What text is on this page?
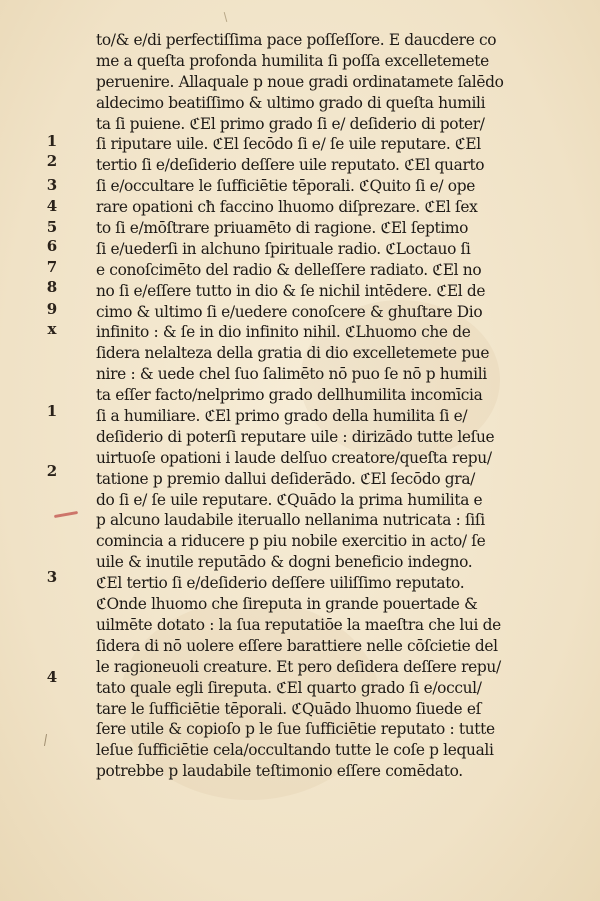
1
2
3
4
5
6
7
8
9
x
1
2
3
4
to/& e/di perfectiſſima pace poſſeſſore. E daucdere co
me a queſta profonda humilita ſi poſſa excelletemete
peruenire. Allaquale p noue gradi ordinatamete ſalēdo
aldecimo beatiſſimo & ultimo grado di queſta humili
ta ſi puiene. ℭEl primo grado ſi e/ deſiderio di poter/
ſi riputare uile. ℭEl ſecōdo ſi e/ ſe uile reputare. ℭEl
tertio ſi e/deſiderio deſſere uile reputato. ℭEl quarto
ſi e/occultare le ſufficiētie tēporali. ℭQuito ſi e/ ope
rare opationi cħ faccino lhuomo diſprezare. ℭEl ſex
to ſi e/mōſtrare priuamēto di ragione. ℭEl ſeptimo
ſi e/uederſi in alchuno ſpirituale radio. ℭLoctauo ſi
e conoſcimēto del radio & delleſſere radiato. ℭEl no
no ſi e/eſſere tutto in dio & ſe nichil intēdere. ℭEl de
cimo & ultimo ſi e/uedere conoſcere & ghuſtare Dio
infinito : & ſe in dio infinito nihil. ℭLhuomo che de
ſidera nelalteza della gratia di dio excelletemete pue
nire : & uede chel ſuo ſalimēto nō puo ſe nō p humili
ta eſſer facto/nelprimo grado dellhumilita incomīcia
ſi a humiliare. ℭEl primo grado della humilita ſi e/
deſiderio di poterſi reputare uile : dirizādo tutte leſue
uirtuoſe opationi i laude delſuo creatore/queſta repu/
tatione p premio dallui deſiderādo. ℭEl ſecōdo gra/
do ſi e/ ſe uile reputare. ℭQuādo la prima humilita e
p alcuno laudabile iteruallo nellanima nutricata : ſiſi
comincia a riducere p piu nobile exercitio in acto/ ſe
uile & inutile reputādo & dogni beneficio indegno.
ℭEl tertio ſi e/deſiderio deſſere uiliſſimo reputato.
ℭOnde lhuomo che ſireputa in grande pouertade &
uilmēte dotato : la ſua reputatiōe la maeſtra che lui de
ſidera di nō uolere eſſere barattiere nelle cōſcietie del
le ragioneuoli creature. Et pero deſidera deſſere repu/
tato quale egli ſireputa. ℭEl quarto grado ſi e/occul/
tare le ſufficiētie tēporali. ℭQuādo lhuomo ſiuede eſ
ſere utile & copioſo p le ſue ſufficiētie reputato : tutte
leſue ſufficiētie cela/occultando tutte le coſe p lequali
potrebbe p laudabile teſtimonio eſſere comēdato.
